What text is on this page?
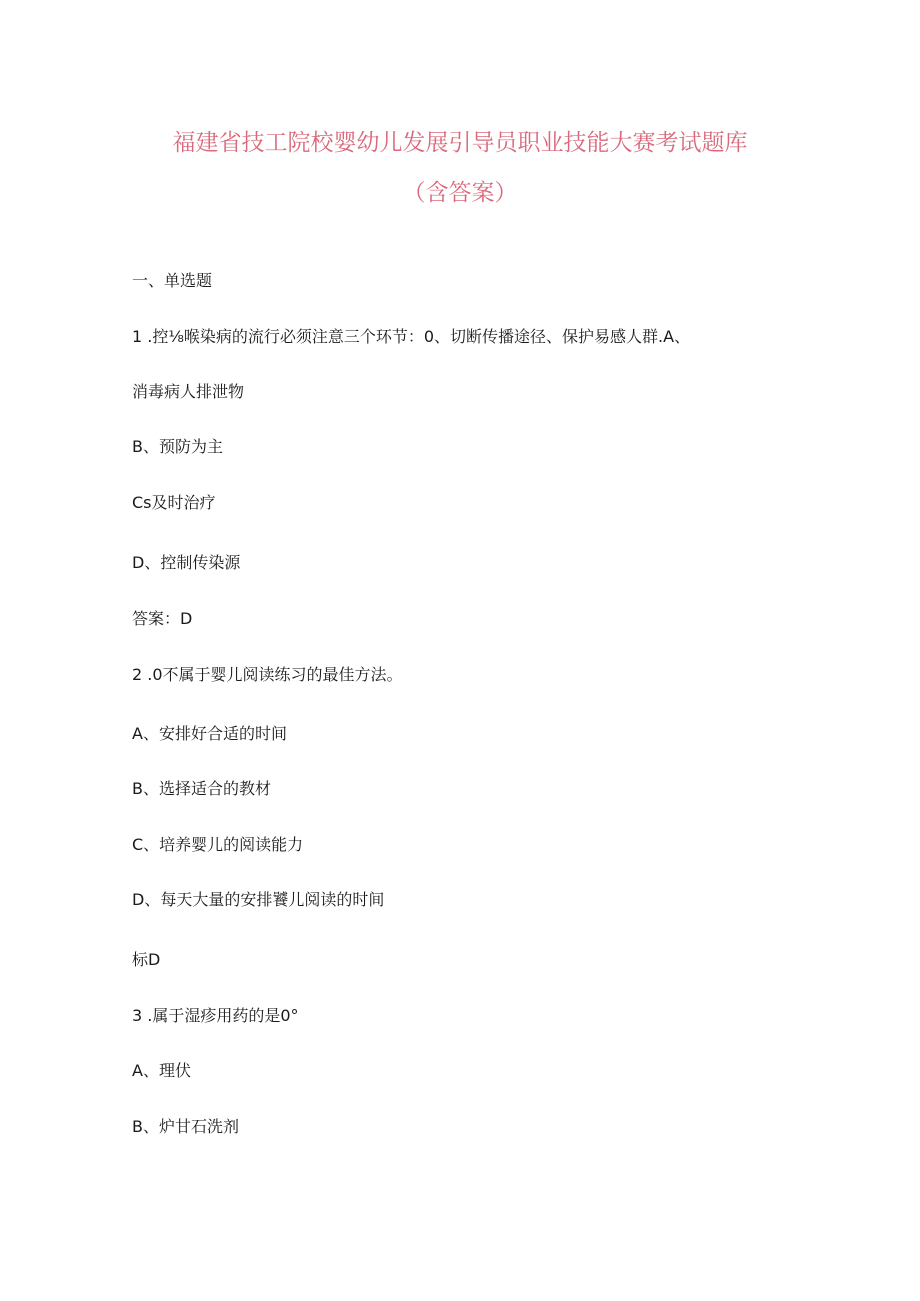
福建省技工院校婴幼儿发展引导员职业技能大赛考试题库
（含答案）
一、单选题
1 .控⅛喉染病的流行必须注意三个环节：0、切断传播途径、保护易感人群.A、
消毒病人排泄物
B、预防为主
Cs及时治疗
D、控制传染源
答案：D
2 .0不属于婴儿阅读练习的最佳方法。
A、安排好合适的时间
B、选择适合的教材
C、培养婴儿的阅读能力
D、每天大量的安排饕儿阅读的时间
标D
3 .属于湿疹用药的是0°
A、理伏
B、炉甘石洗剂
